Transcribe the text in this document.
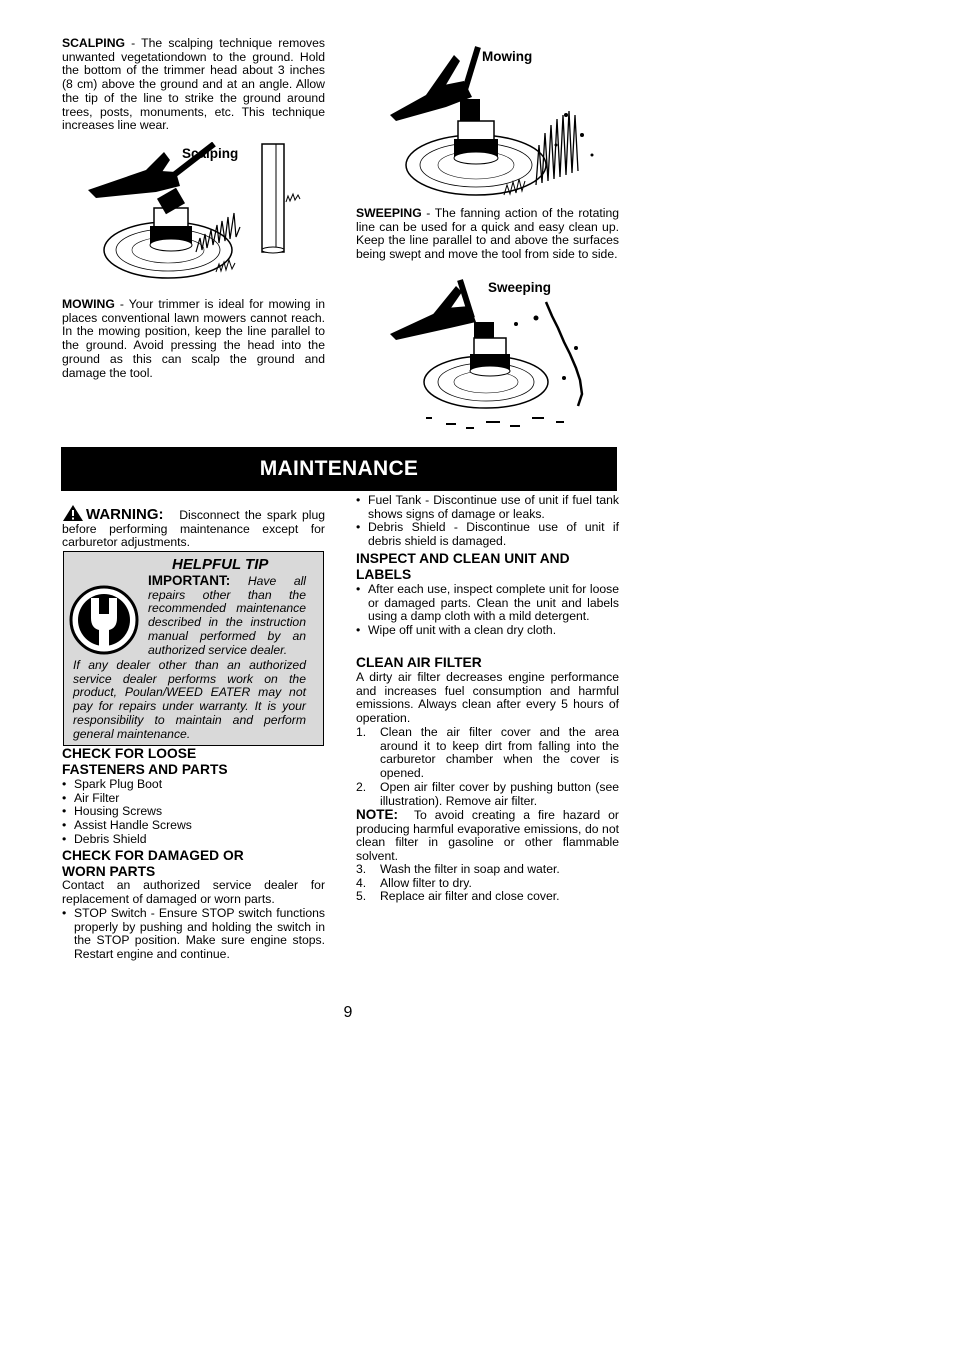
SCALPING - The scalping technique removes unwanted vegetationdown to the ground. Hold the bottom of the trimmer head about 3 inches (8 cm) above the ground and at an angle. Allow the tip of the line to strike the ground around trees, posts, monuments, etc. This technique increases line wear.
Scalping
MOWING - Your trimmer is ideal for mowing in places conventional lawn mowers cannot reach. In the mowing position, keep the line parallel to the ground. Avoid pressing the head into the ground as this can scalp the ground and damage the tool.
Mowing
SWEEPING - The fanning action of the rotating line can be used for a quick and easy clean up. Keep the line parallel to and above the surfaces being swept and move the tool from side to side.
Sweeping
MAINTENANCE
WARNING: Disconnect the spark plug before performing maintenance except for carburetor adjustments.
HELPFUL TIP
IMPORTANT: Have all repairs other than the recommended maintenance described in the instruction manual performed by an authorized service dealer.
If any dealer other than an authorized service dealer performs work on the product, Poulan/WEED EATER may not pay for repairs under warranty. It is your responsibility to maintain and perform general maintenance.
CHECK FOR LOOSE
FASTENERS AND PARTS
• Spark Plug Boot
• Air Filter
• Housing Screws
• Assist Handle Screws
• Debris Shield
CHECK FOR DAMAGED OR
WORN PARTS
Contact an authorized service dealer for replacement of damaged or worn parts.
• STOP Switch - Ensure STOP switch functions properly by pushing and holding the switch in the STOP position. Make sure engine stops. Restart engine and continue.
• Fuel Tank - Discontinue use of unit if fuel tank shows signs of damage or leaks.
• Debris Shield - Discontinue use of unit if debris shield is damaged.
INSPECT AND CLEAN UNIT AND
LABELS
• After each use, inspect complete unit for loose or damaged parts. Clean the unit and labels using a damp cloth with a mild detergent.
• Wipe off unit with a clean dry cloth.
CLEAN AIR FILTER
A dirty air filter decreases engine performance and increases fuel consumption and harmful emissions. Always clean after every 5 hours of operation.
1. Clean the air filter cover and the area around it to keep dirt from falling into the carburetor chamber when the cover is opened.
2. Open air filter cover by pushing button (see illustration). Remove air filter.
NOTE: To avoid creating a fire hazard or producing harmful evaporative emissions, do not clean filter in gasoline or other flammable solvent.
3. Wash the filter in soap and water.
4. Allow filter to dry.
5. Replace air filter and close cover.
9
